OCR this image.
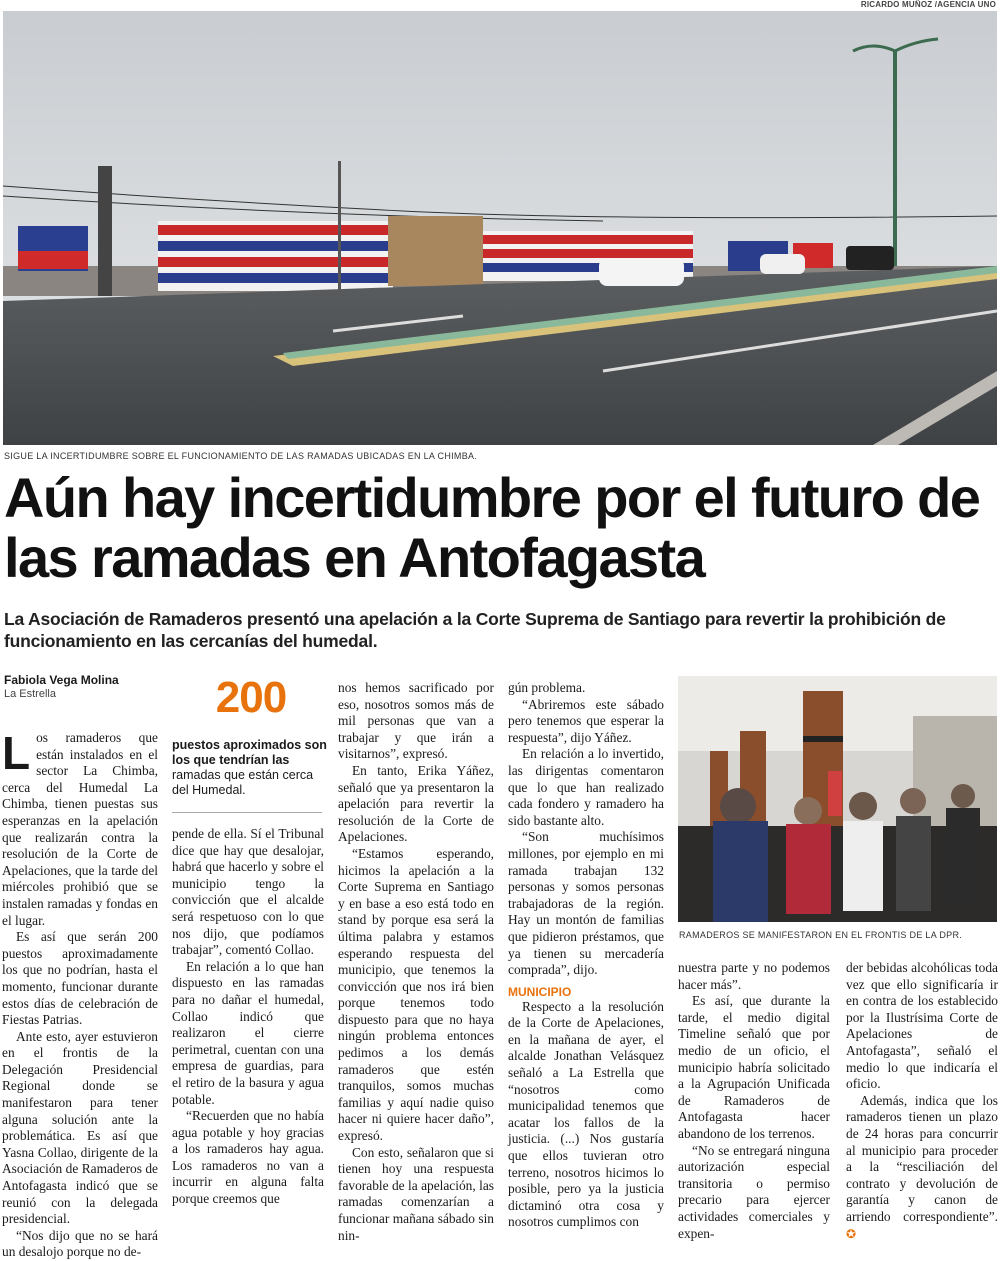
RICARDO MUÑOZ /AGENCIA UNO
SIGUE LA INCERTIDUMBRE SOBRE EL FUNCIONAMIENTO DE LAS RAMADAS UBICADAS EN LA CHIMBA.
Aún hay incertidumbre por el futuro de las ramadas en Antofagasta

La Asociación de Ramaderos presentó una apelación a la Corte Suprema de Santiago para revertir la prohibición de funcionamiento en las cercanías del humedal.

Fabiola Vega Molina
La Estrella

Los ramaderos que están instalados en el sector La Chimba, cerca del Humedal La Chimba, tienen puestas sus esperanzas en la apelación que realizarán contra la resolución de la Corte de Apelaciones, que la tarde del miércoles prohibió que se instalen ramadas y fondas en el lugar.

Es así que serán 200 puestos aproximadamente los que no podrían, hasta el momento, funcionar durante estos días de celebración de Fiestas Patrias.

Ante esto, ayer estuvieron en el frontis de la Delegación Presidencial Regional donde se manifestaron para tener alguna solución ante la problemática. Es así que Yasna Collao, dirigente de la Asociación de Ramaderos de Antofagasta indicó que se reunió con la delegada presidencial.

“Nos dijo que no se hará un desalojo porque no de-

200
puestos aproximados son los que tendrían las ramadas que están cerca del Humedal.

pende de ella. Sí el Tribunal dice que hay que desalojar, habrá que hacerlo y sobre el municipio tengo la convicción que el alcalde será respetuoso con lo que nos dijo, que podíamos trabajar”, comentó Collao.

En relación a lo que han dispuesto en las ramadas para no dañar el humedal, Collao indicó que realizaron el cierre perimetral, cuentan con una empresa de guardias, para el retiro de la basura y agua potable.

“Recuerden que no había agua potable y hoy gracias a los ramaderos hay agua. Los ramaderos no van a incurrir en alguna falta porque creemos que

nos hemos sacrificado por eso, nosotros somos más de mil personas que van a trabajar y que irán a visitarnos”, expresó.

En tanto, Erika Yáñez, señaló que ya presentaron la apelación para revertir la resolución de la Corte de Apelaciones.

“Estamos esperando, hicimos la apelación a la Corte Suprema en Santiago y en base a eso está todo en stand by porque esa será la última palabra y estamos esperando respuesta del municipio, que tenemos la convicción que nos irá bien porque tenemos todo dispuesto para que no haya ningún problema entonces pedimos a los demás ramaderos que estén tranquilos, somos muchas familias y aquí nadie quiso hacer ni quiere hacer daño”, expresó.

Con esto, señalaron que si tienen hoy una respuesta favorable de la apelación, las ramadas comenzarían a funcionar mañana sábado sin nin-

gún problema.

“Abriremos este sábado pero tenemos que esperar la respuesta”, dijo Yáñez.

En relación a lo invertido, las dirigentas comentaron que lo que han realizado cada fondero y ramadero ha sido bastante alto.

“Son muchísimos millones, por ejemplo en mi ramada trabajan 132 personas y somos personas trabajadoras de la región. Hay un montón de familias que pidieron préstamos, que ya tienen su mercadería comprada”, dijo.

MUNICIPIO

Respecto a la resolución de la Corte de Apelaciones, en la mañana de ayer, el alcalde Jonathan Velásquez señaló a La Estrella que “nosotros como municipalidad tenemos que acatar los fallos de la justicia. (...) Nos gustaría que ellos tuvieran otro terreno, nosotros hicimos lo posible, pero ya la justicia dictaminó otra cosa y nosotros cumplimos con

RAMADEROS SE MANIFESTARON EN EL FRONTIS DE LA DPR.

nuestra parte y no podemos hacer más”.

Es así, que durante la tarde, el medio digital Timeline señaló que por medio de un oficio, el municipio habría solicitado a la Agrupación Unificada de Ramaderos de Antofagasta hacer abandono de los terrenos.

“No se entregará ninguna autorización especial transitoria o permiso precario para ejercer actividades comerciales y expen-

der bebidas alcohólicas toda vez que ello significaría ir en contra de los establecido por la Ilustrísima Corte de Apelaciones de Antofagasta”, señaló el medio lo que indicaría el oficio.

Además, indica que los ramaderos tienen un plazo de 24 horas para concurrir al municipio para proceder a la “resciliación del contrato y devolución de garantía y canon de arriendo correspondiente”. ✪
